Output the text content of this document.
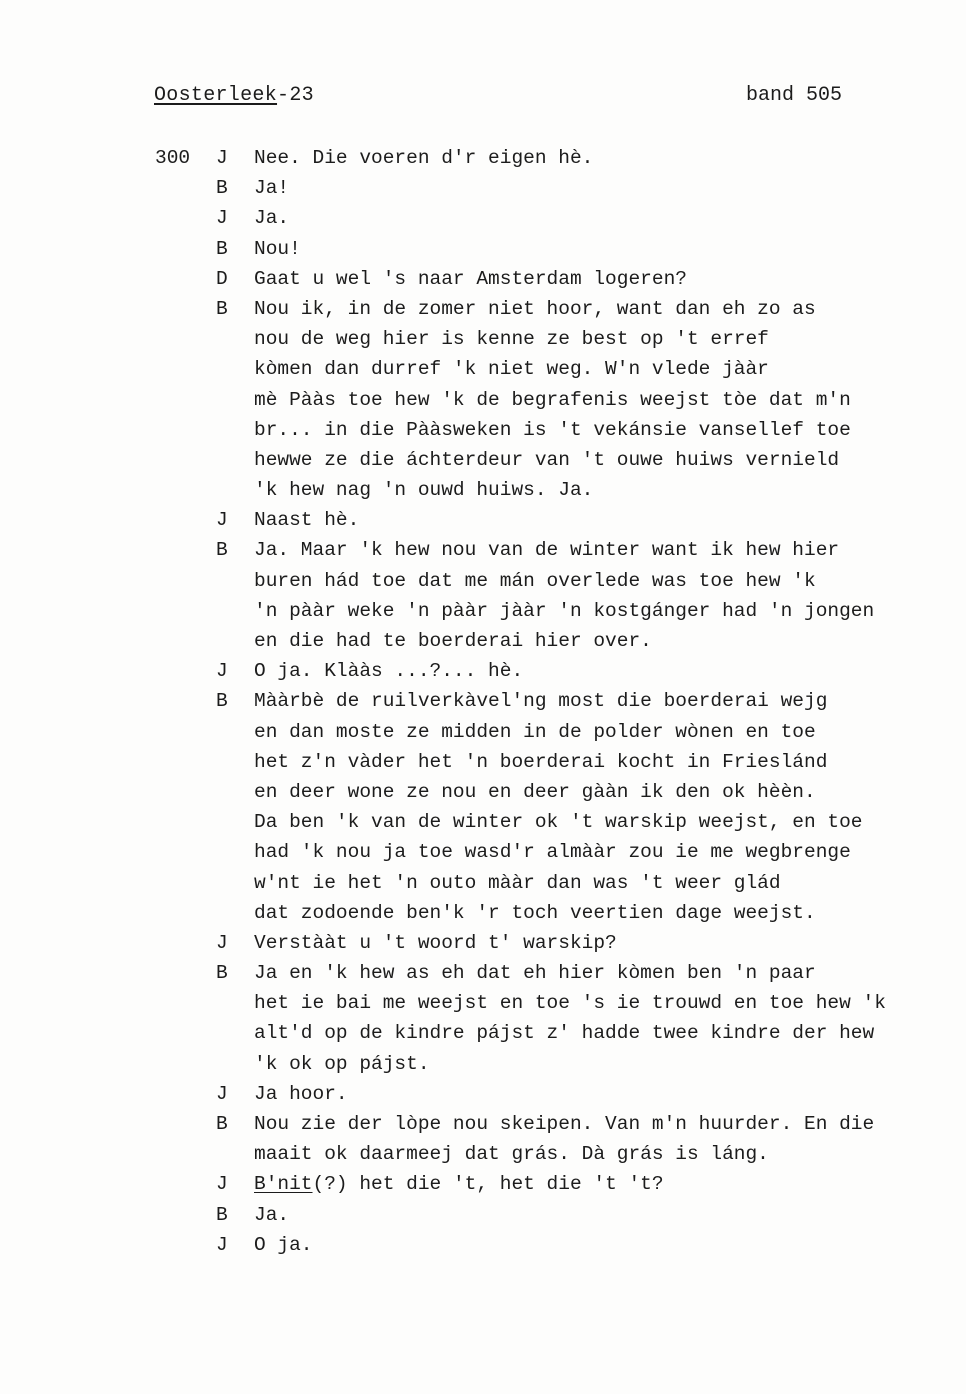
Oosterleek-23	band 505
300 J Nee. Die voeren d'r eigen hè.
B Ja!
J Ja.
B Nou!
D Gaat u wel 's naar Amsterdam logeren?
B Nou ik, in de zomer niet hoor, want dan eh zo as
nou de weg hier is kenne ze best op 't erref
kòmen dan durref 'k niet weg. W'n vlede jààr
mè Pààs toe hew 'k de begrafenis weejst tòe dat m'n
br... in die Pààsweken is 't vekánsie vansellef toe
hewwe ze die áchterdeur van 't ouwe huiws vernield
'k hew nag 'n ouwd huiws. Ja.
J Naast hè.
B Ja. Maar 'k hew nou van de winter want ik hew hier
buren hád toe dat me mán overlede was toe hew 'k
'n pààr weke 'n pààr jààr 'n kostgánger had 'n jongen
en die had te boerderai hier over.
J O ja. Klààs ...?... hè.
B Mààrbè de ruilverkàvel'ng most die boerderai wejg
en dan moste ze midden in de polder wònen en toe
het z'n vàder het 'n boerderai kocht in Frieslánd
en deer wone ze nou en deer gààn ik den ok hèèn.
Da ben 'k van de winter ok 't warskip weejst, en toe
had 'k nou ja toe wasd'r almààr zou ie me wegbrenge
w'nt ie het 'n outo mààr dan was 't weer glád
dat zodoende ben'k 'r toch veertien dage weejst.
J Verstààt u 't woord t' warskip?
B Ja en 'k hew as eh dat eh hier kòmen ben 'n paar
het ie bai me weejst en toe 's ie trouwd en toe hew 'k
alt'd op de kindre pájst z' hadde twee kindre der hew
'k ok op pájst.
J Ja hoor.
B Nou zie der lòpe nou skeipen. Van m'n huurder. En die
maait ok daarmeej dat grás. Dà grás is láng.
J B'nit(?) het die 't, het die 't 't?
B Ja.
J O ja.
